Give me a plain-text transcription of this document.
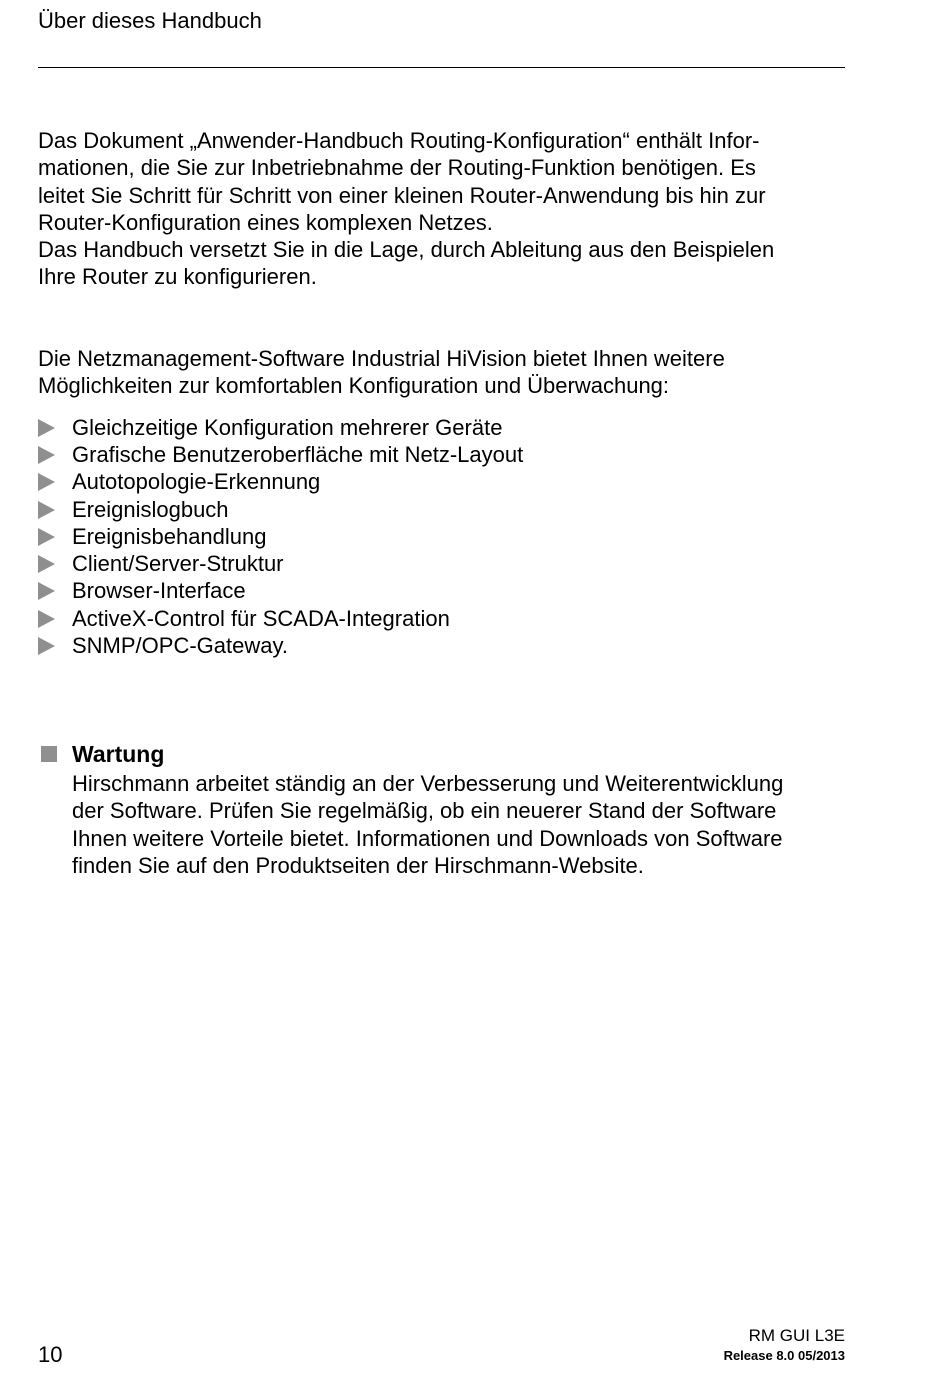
Über dieses Handbuch

Das Dokument „Anwender-Handbuch Routing-Konfiguration“ enthält Infor-
mationen, die Sie zur Inbetriebnahme der Routing-Funktion benötigen. Es
leitet Sie Schritt für Schritt von einer kleinen Router-Anwendung bis hin zur
Router-Konfiguration eines komplexen Netzes.
Das Handbuch versetzt Sie in die Lage, durch Ableitung aus den Beispielen
Ihre Router zu konfigurieren.

Die Netzmanagement-Software Industrial HiVision bietet Ihnen weitere
Möglichkeiten zur komfortablen Konfiguration und Überwachung:

Gleichzeitige Konfiguration mehrerer Geräte
Grafische Benutzeroberfläche mit Netz-Layout
Autotopologie-Erkennung
Ereignislogbuch
Ereignisbehandlung
Client/Server-Struktur
Browser-Interface
ActiveX-Control für SCADA-Integration
SNMP/OPC-Gateway.
Wartung

Hirschmann arbeitet ständig an der Verbesserung und Weiterentwicklung
der Software. Prüfen Sie regelmäßig, ob ein neuerer Stand der Software
Ihnen weitere Vorteile bietet. Informationen und Downloads von Software
finden Sie auf den Produktseiten der Hirschmann-Website.

10
RM GUI L3E
Release 8.0 05/2013
